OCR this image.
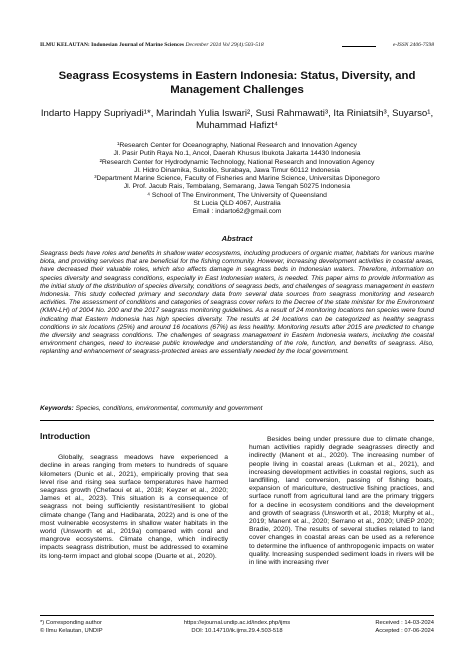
ILMU KELAUTAN: Indonesian Journal of Marine Sciences December 2024 Vol 29(4):503-518	e-ISSN 2406-7598
Seagrass Ecosystems in Eastern Indonesia: Status, Diversity, and
Management Challenges
Indarto Happy Supriyadi¹*, Marindah Yulia Iswari², Susi Rahmawati³, Ita Riniatsih³, Suyarso¹,
Muhammad Hafizt⁴
¹Research Center for Oceanography, National Research and Innovation Agency
Jl. Pasir Putih Raya No.1, Ancol, Daerah Khusus Ibukota Jakarta 14430 Indonesia
²Research Center for Hydrodynamic Technology, National Research and Innovation Agency
Jl. Hidro Dinamika, Sukolilo, Surabaya, Jawa Timur 60112 Indonesia
³Department Marine Science, Faculty of Fisheries and Marine Science, Universitas Diponegoro
Jl. Prof. Jacub Rais, Tembalang, Semarang, Jawa Tengah 50275 Indonesia
⁴ School of The Environment, The University of Queensland
St Lucia QLD 4067, Australia
Email : indarto62@gmail.com
Abstract
Seagrass beds have roles and benefits in shallow water ecosystems, including producers of organic matter, habitats for various marine biota, and providing services that are beneficial for the fishing community. However, increasing development activities in coastal areas, have decreased their valuable roles, which also affects damage in seagrass beds in Indonesian waters. Therefore, information on species diversity and seagrass conditions, especially in East Indonesian waters, is needed. This paper aims to provide information as the initial study of the distribution of species diversity, conditions of seagrass beds, and challenges of seagrass management in eastern Indonesia. This study collected primary and secondary data from several data sources from seagrass monitoring and research activities. The assessment of conditions and categories of seagrass cover refers to the Decree of the state minister for the Environment (KMN-LH) of 2004 No. 200 and the 2017 seagrass monitoring guidelines. As a result of 24 monitoring locations ten species were found indicating that Eastern Indonesia has high species diversity. The results at 24 locations can be categorized as healthy seagrass conditions in six locations (25%) and around 16 locations (67%) as less healthy. Monitoring results after 2015 are predicted to change the diversity and seagrass conditions. The challenges of seagrass management in Eastern Indonesia waters, including the coastal environment changes, need to increase public knowledge and understanding of the role, function, and benefits of seagrass. Also, replanting and enhancement of seagrass-protected areas are essentially needed by the local government.
Keywords: Species, conditions, environmental, community and government
Introduction

Globally, seagrass meadows have experienced a decline in areas ranging from meters to hundreds of square kilometers (Dunic et al., 2021), empirically proving that sea level rise and rising sea surface temperatures have harmed seagrass growth (Chefaoui et al., 2018; Keyzer et al., 2020; James et al., 2023). This situation is a consequence of seagrass not being sufficiently resistant/resilient to global climate change (Tang and Hadibarata, 2022) and is one of the most vulnerable ecosystems in shallow water habitats in the world (Unsworth et al., 2019a) compared with coral and mangrove ecosystems. Climate change, which indirectly impacts seagrass distribution, must be addressed to examine its long-term impact and global scope (Duarte et al., 2020).

Besides being under pressure due to climate change, human activities rapidly degrade seagrasses directly and indirectly (Manent et al., 2020). The increasing number of people living in coastal areas (Lukman et al., 2021), and increasing development activities in coastal regions, such as landfilling, land conversion, passing of fishing boats, expansion of mariculture, destructive fishing practices, and surface runoff from agricultural land are the primary triggers for a decline in ecosystem conditions and the development and growth of seagrass (Unsworth et al., 2018; Murphy et al., 2019; Manent et al., 2020; Serrano et al., 2020; UNEP 2020; Bradie, 2020). The results of several studies related to land cover changes in coastal areas can be used as a reference to determine the influence of anthropogenic impacts on water quality. Increasing suspended sediment loads in rivers will be in line with increasing river

*) Corresponding author
© Ilmu Kelautan, UNDIP
https://ejournal.undip.ac.id/index.php/ijms
DOI: 10.14710/ik.ijms.29.4.503-518
Received : 14-03-2024
Accepted : 07-06-2024
